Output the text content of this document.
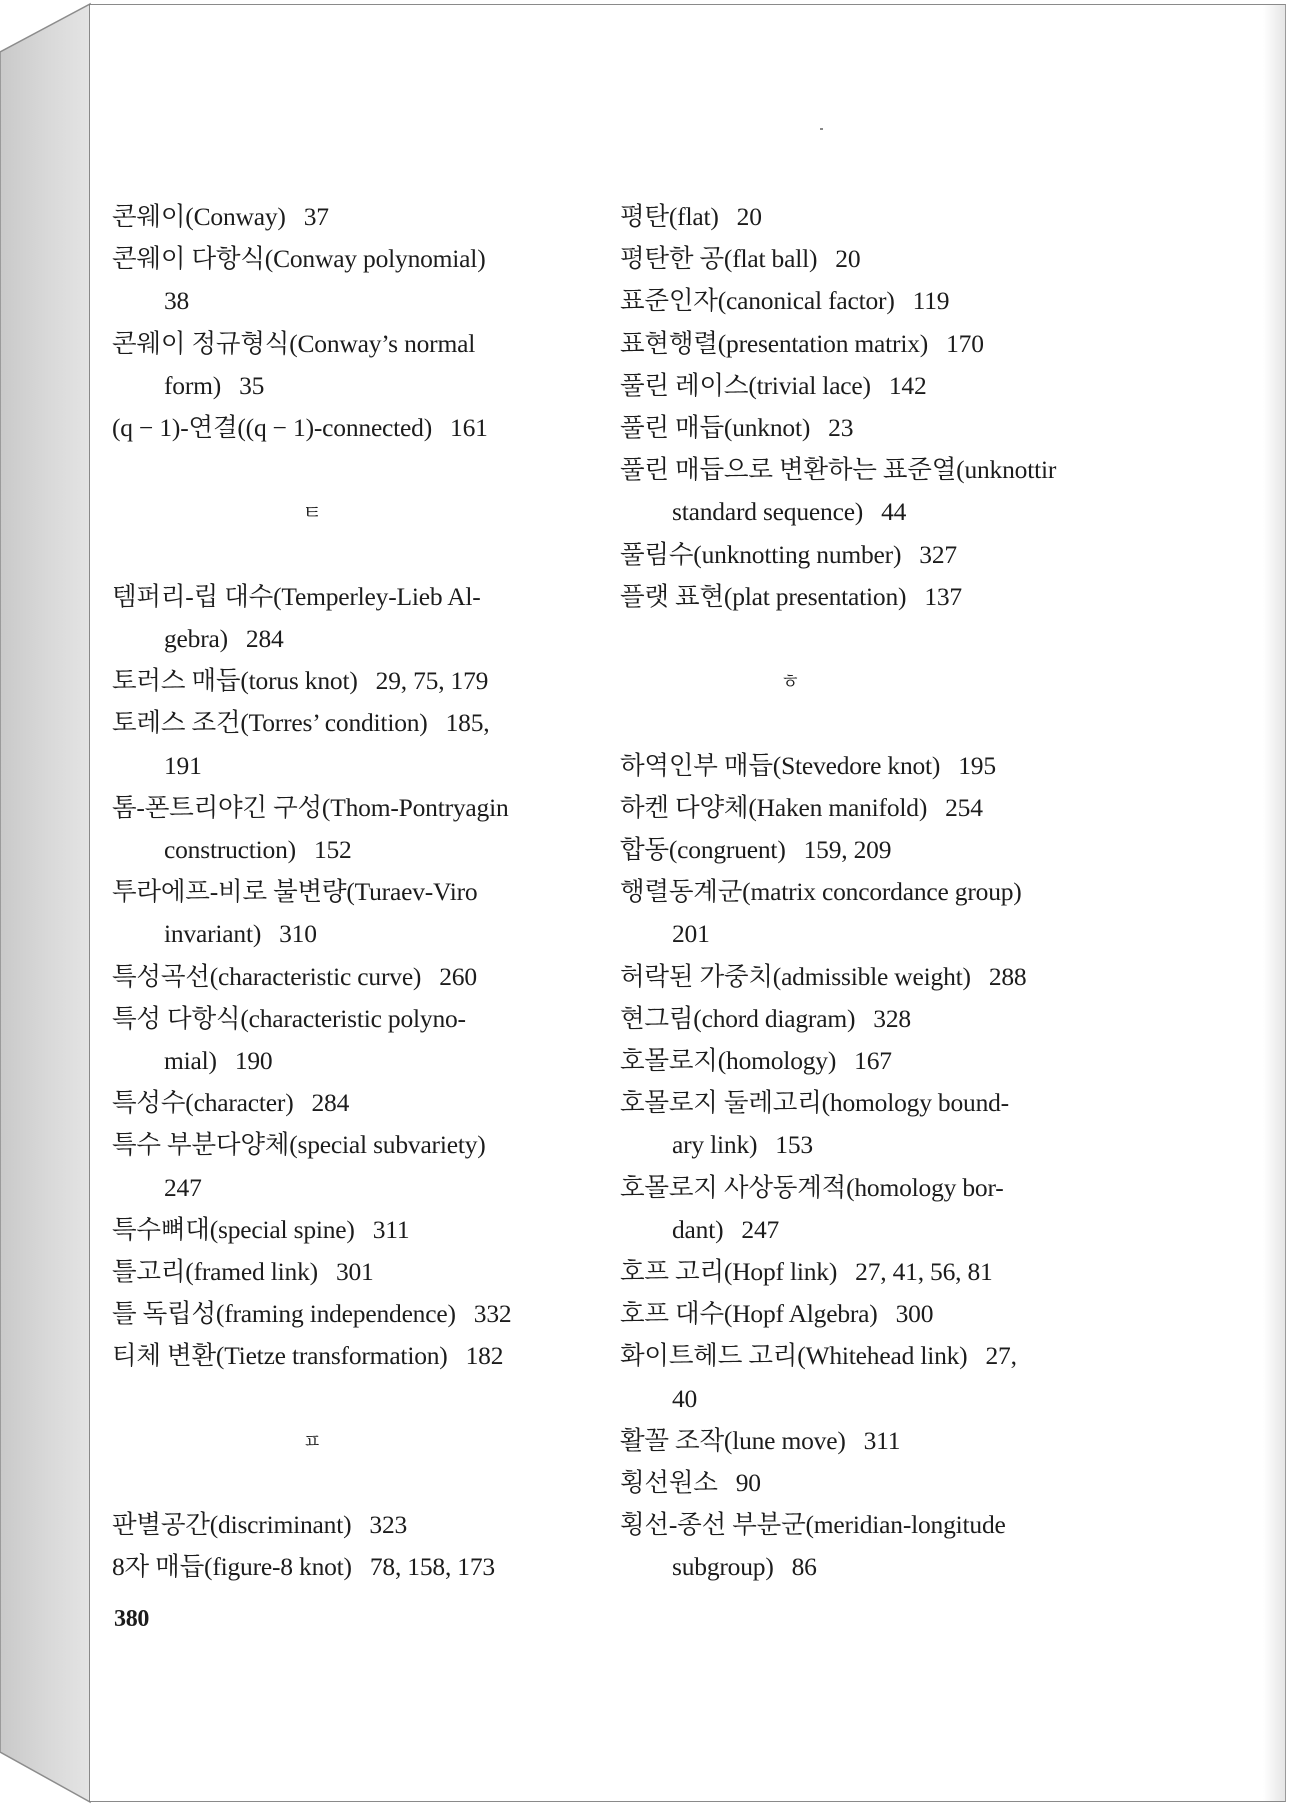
콘웨이(Conway) 37
콘웨이 다항식(Conway polynomial)
38
콘웨이 정규형식(Conway’s normal
form) 35
(q − 1)-연결((q − 1)-connected) 161
ㅌ
템퍼리-립 대수(Temperley-Lieb Al-
gebra) 284
토러스 매듭(torus knot) 29, 75, 179
토레스 조건(Torres’ condition) 185,
191
톰-폰트리야긴 구성(Thom-Pontryagin
construction) 152
투라에프-비로 불변량(Turaev-Viro
invariant) 310
특성곡선(characteristic curve) 260
특성 다항식(characteristic polyno-
mial) 190
특성수(character) 284
특수 부분다양체(special subvariety)
247
특수뼈대(special spine) 311
틀고리(framed link) 301
틀 독립성(framing independence) 332
티체 변환(Tietze transformation) 182
ㅍ
판별공간(discriminant) 323
8자 매듭(figure-8 knot) 78, 158, 173
평탄(flat) 20
평탄한 공(flat ball) 20
표준인자(canonical factor) 119
표현행렬(presentation matrix) 170
풀린 레이스(trivial lace) 142
풀린 매듭(unknot) 23
풀린 매듭으로 변환하는 표준열(unknottir
standard sequence) 44
풀림수(unknotting number) 327
플랫 표현(plat presentation) 137
ㅎ
하역인부 매듭(Stevedore knot) 195
하켄 다양체(Haken manifold) 254
합동(congruent) 159, 209
행렬동계군(matrix concordance group)
201
허락된 가중치(admissible weight) 288
현그림(chord diagram) 328
호몰로지(homology) 167
호몰로지 둘레고리(homology bound-
ary link) 153
호몰로지 사상동계적(homology bor-
dant) 247
호프 고리(Hopf link) 27, 41, 56, 81
호프 대수(Hopf Algebra) 300
화이트헤드 고리(Whitehead link) 27,
40
활꼴 조작(lune move) 311
횡선원소 90
횡선-종선 부분군(meridian-longitude
subgroup) 86
380
